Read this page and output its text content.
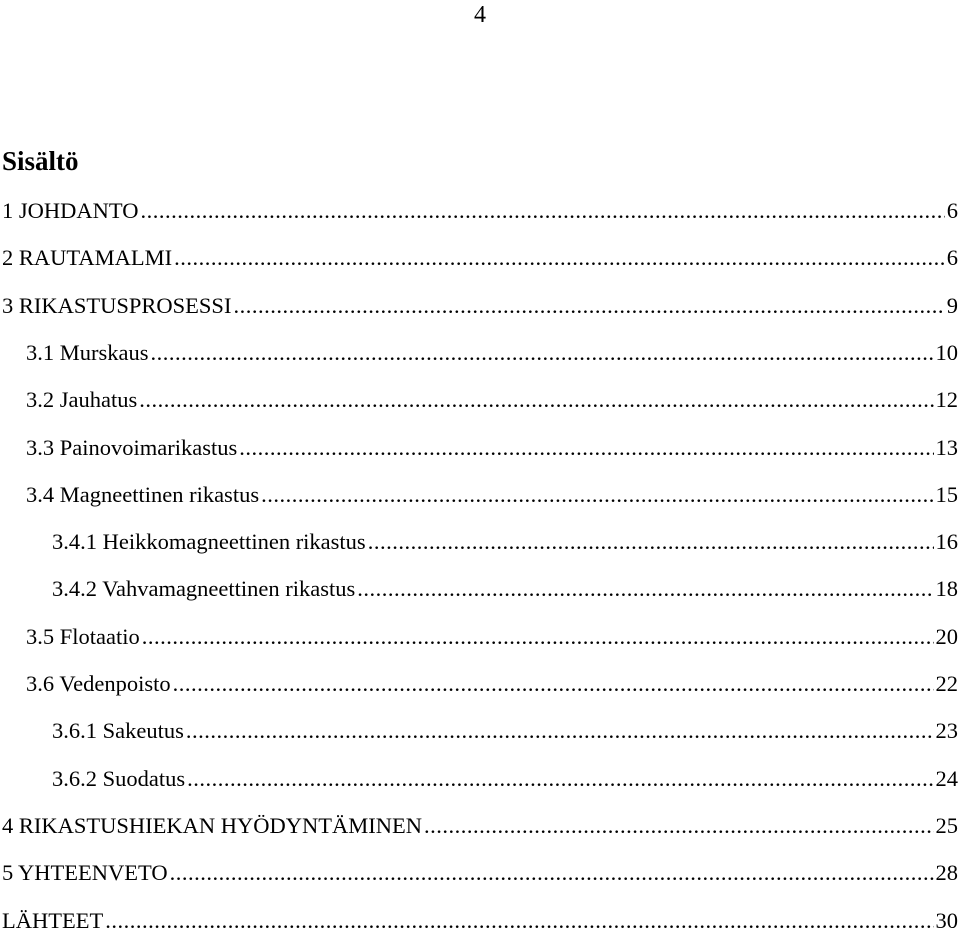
4
Sisältö
1 JOHDANTO .....	6
2 RAUTAMALMI .....	6
3 RIKASTUSPROSESSI .....	9
3.1 Murskaus .....	10
3.2 Jauhatus .....	12
3.3 Painovoimarikastus .....	13
3.4 Magneettinen rikastus .....	15
3.4.1 Heikkomagneettinen rikastus .....	16
3.4.2 Vahvamagneettinen rikastus .....	18
3.5 Flotaatio .....	20
3.6 Vedenpoisto .....	22
3.6.1 Sakeutus .....	23
3.6.2 Suodatus .....	24
4 RIKASTUSHIEKAN HYÖDYNTÄMINEN .....	25
5 YHTEENVETO .....	28
LÄHTEET .....	30
